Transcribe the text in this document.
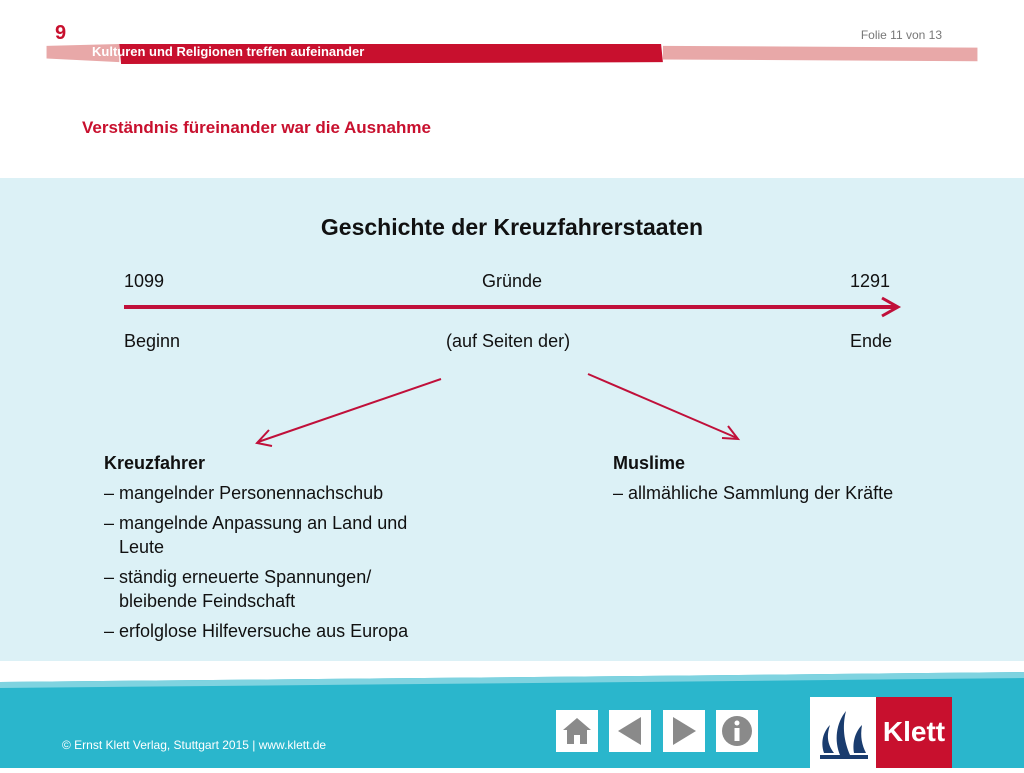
9	Folie 11 von 13
Kulturen und Religionen treffen aufeinander
Verständnis füreinander war die Ausnahme
Geschichte der Kreuzfahrerstaaten
1099	Gründe	1291
Beginn	(auf Seiten der)	Ende
Kreuzfahrer
– mangelnder Personennachschub
– mangelnde Anpassung an Land und
Leute
– ständig erneuerte Spannungen/
bleibende Feindschaft
– erfolglose Hilfeversuche aus Europa
Muslime
– allmähliche Sammlung der Kräfte
© Ernst Klett Verlag, Stuttgart 2015 | www.klett.de	Klett
